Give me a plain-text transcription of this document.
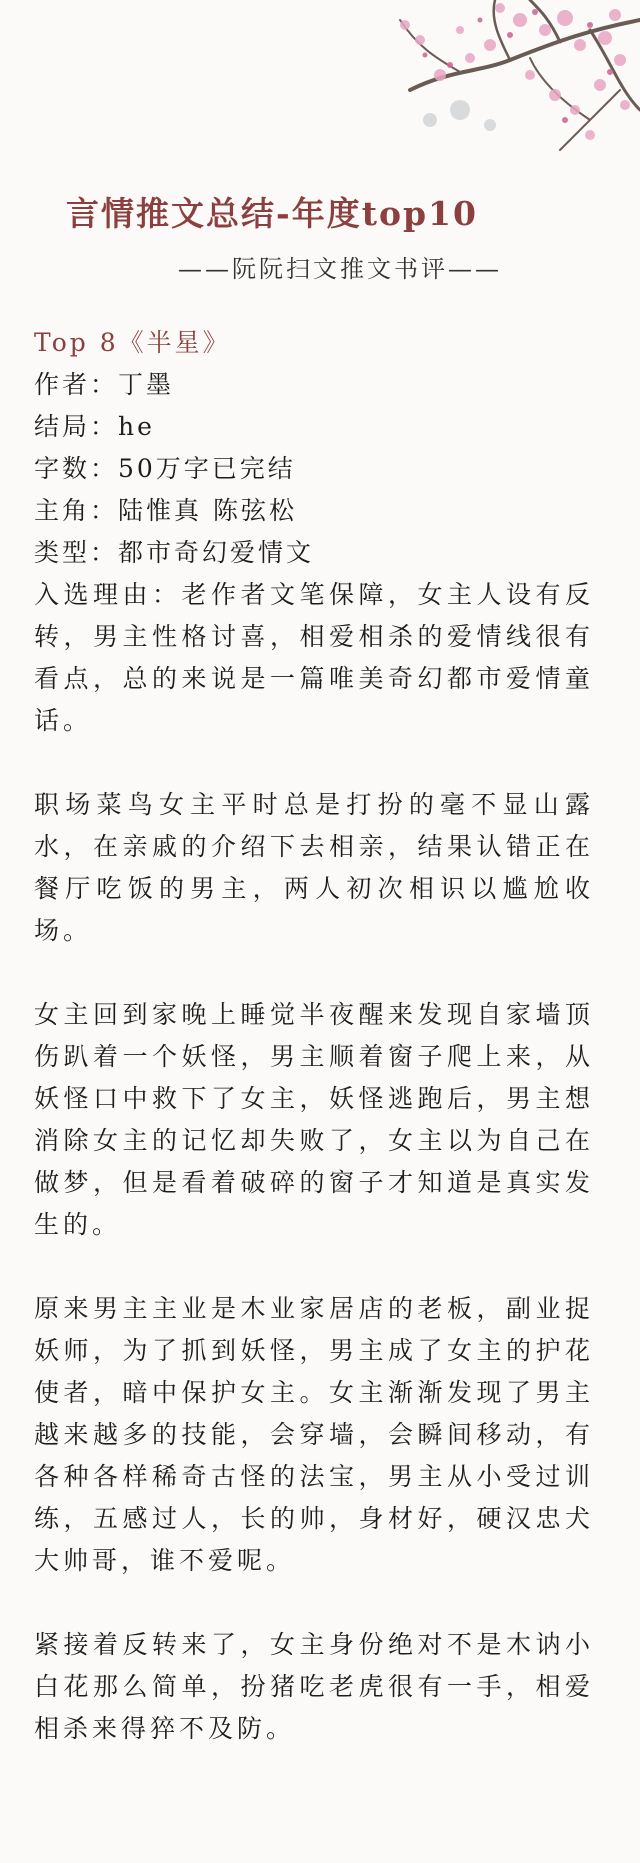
言情推文总结-年度top10

——阮阮扫文推文书评——

Top 8《半星》

作者：丁墨

结局：he

字数：50万字已完结

主角：陆惟真 陈弦松

类型：都市奇幻爱情文

入选理由：老作者文笔保障，女主人设有反转，男主性格讨喜，相爱相杀的爱情线很有看点，总的来说是一篇唯美奇幻都市爱情童话。

职场菜鸟女主平时总是打扮的毫不显山露水，在亲戚的介绍下去相亲，结果认错正在餐厅吃饭的男主，两人初次相识以尴尬收场。

女主回到家晚上睡觉半夜醒来发现自家墙顶伤趴着一个妖怪，男主顺着窗子爬上来，从妖怪口中救下了女主，妖怪逃跑后，男主想消除女主的记忆却失败了，女主以为自己在做梦，但是看着破碎的窗子才知道是真实发生的。

原来男主主业是木业家居店的老板，副业捉妖师，为了抓到妖怪，男主成了女主的护花使者，暗中保护女主。女主渐渐发现了男主越来越多的技能，会穿墙，会瞬间移动，有各种各样稀奇古怪的法宝，男主从小受过训练，五感过人，长的帅，身材好，硬汉忠犬大帅哥，谁不爱呢。

紧接着反转来了，女主身份绝对不是木讷小白花那么简单，扮猪吃老虎很有一手，相爱相杀来得猝不及防。
